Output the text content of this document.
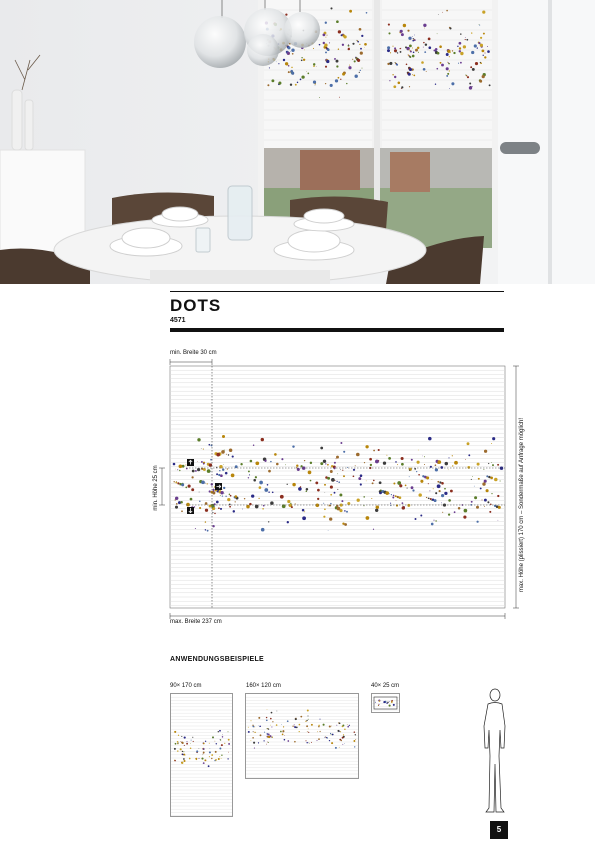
DOTS
4571
min. Breite 30 cm
min. Höhe 25 cm
max. Breite 237 cm
max. Höhe (plissiert) 170 cm – Sondermaße auf Anfrage möglich!
ANWENDUNGSBEISPIELE
90× 170 cm	160× 120 cm	40× 25 cm
5
